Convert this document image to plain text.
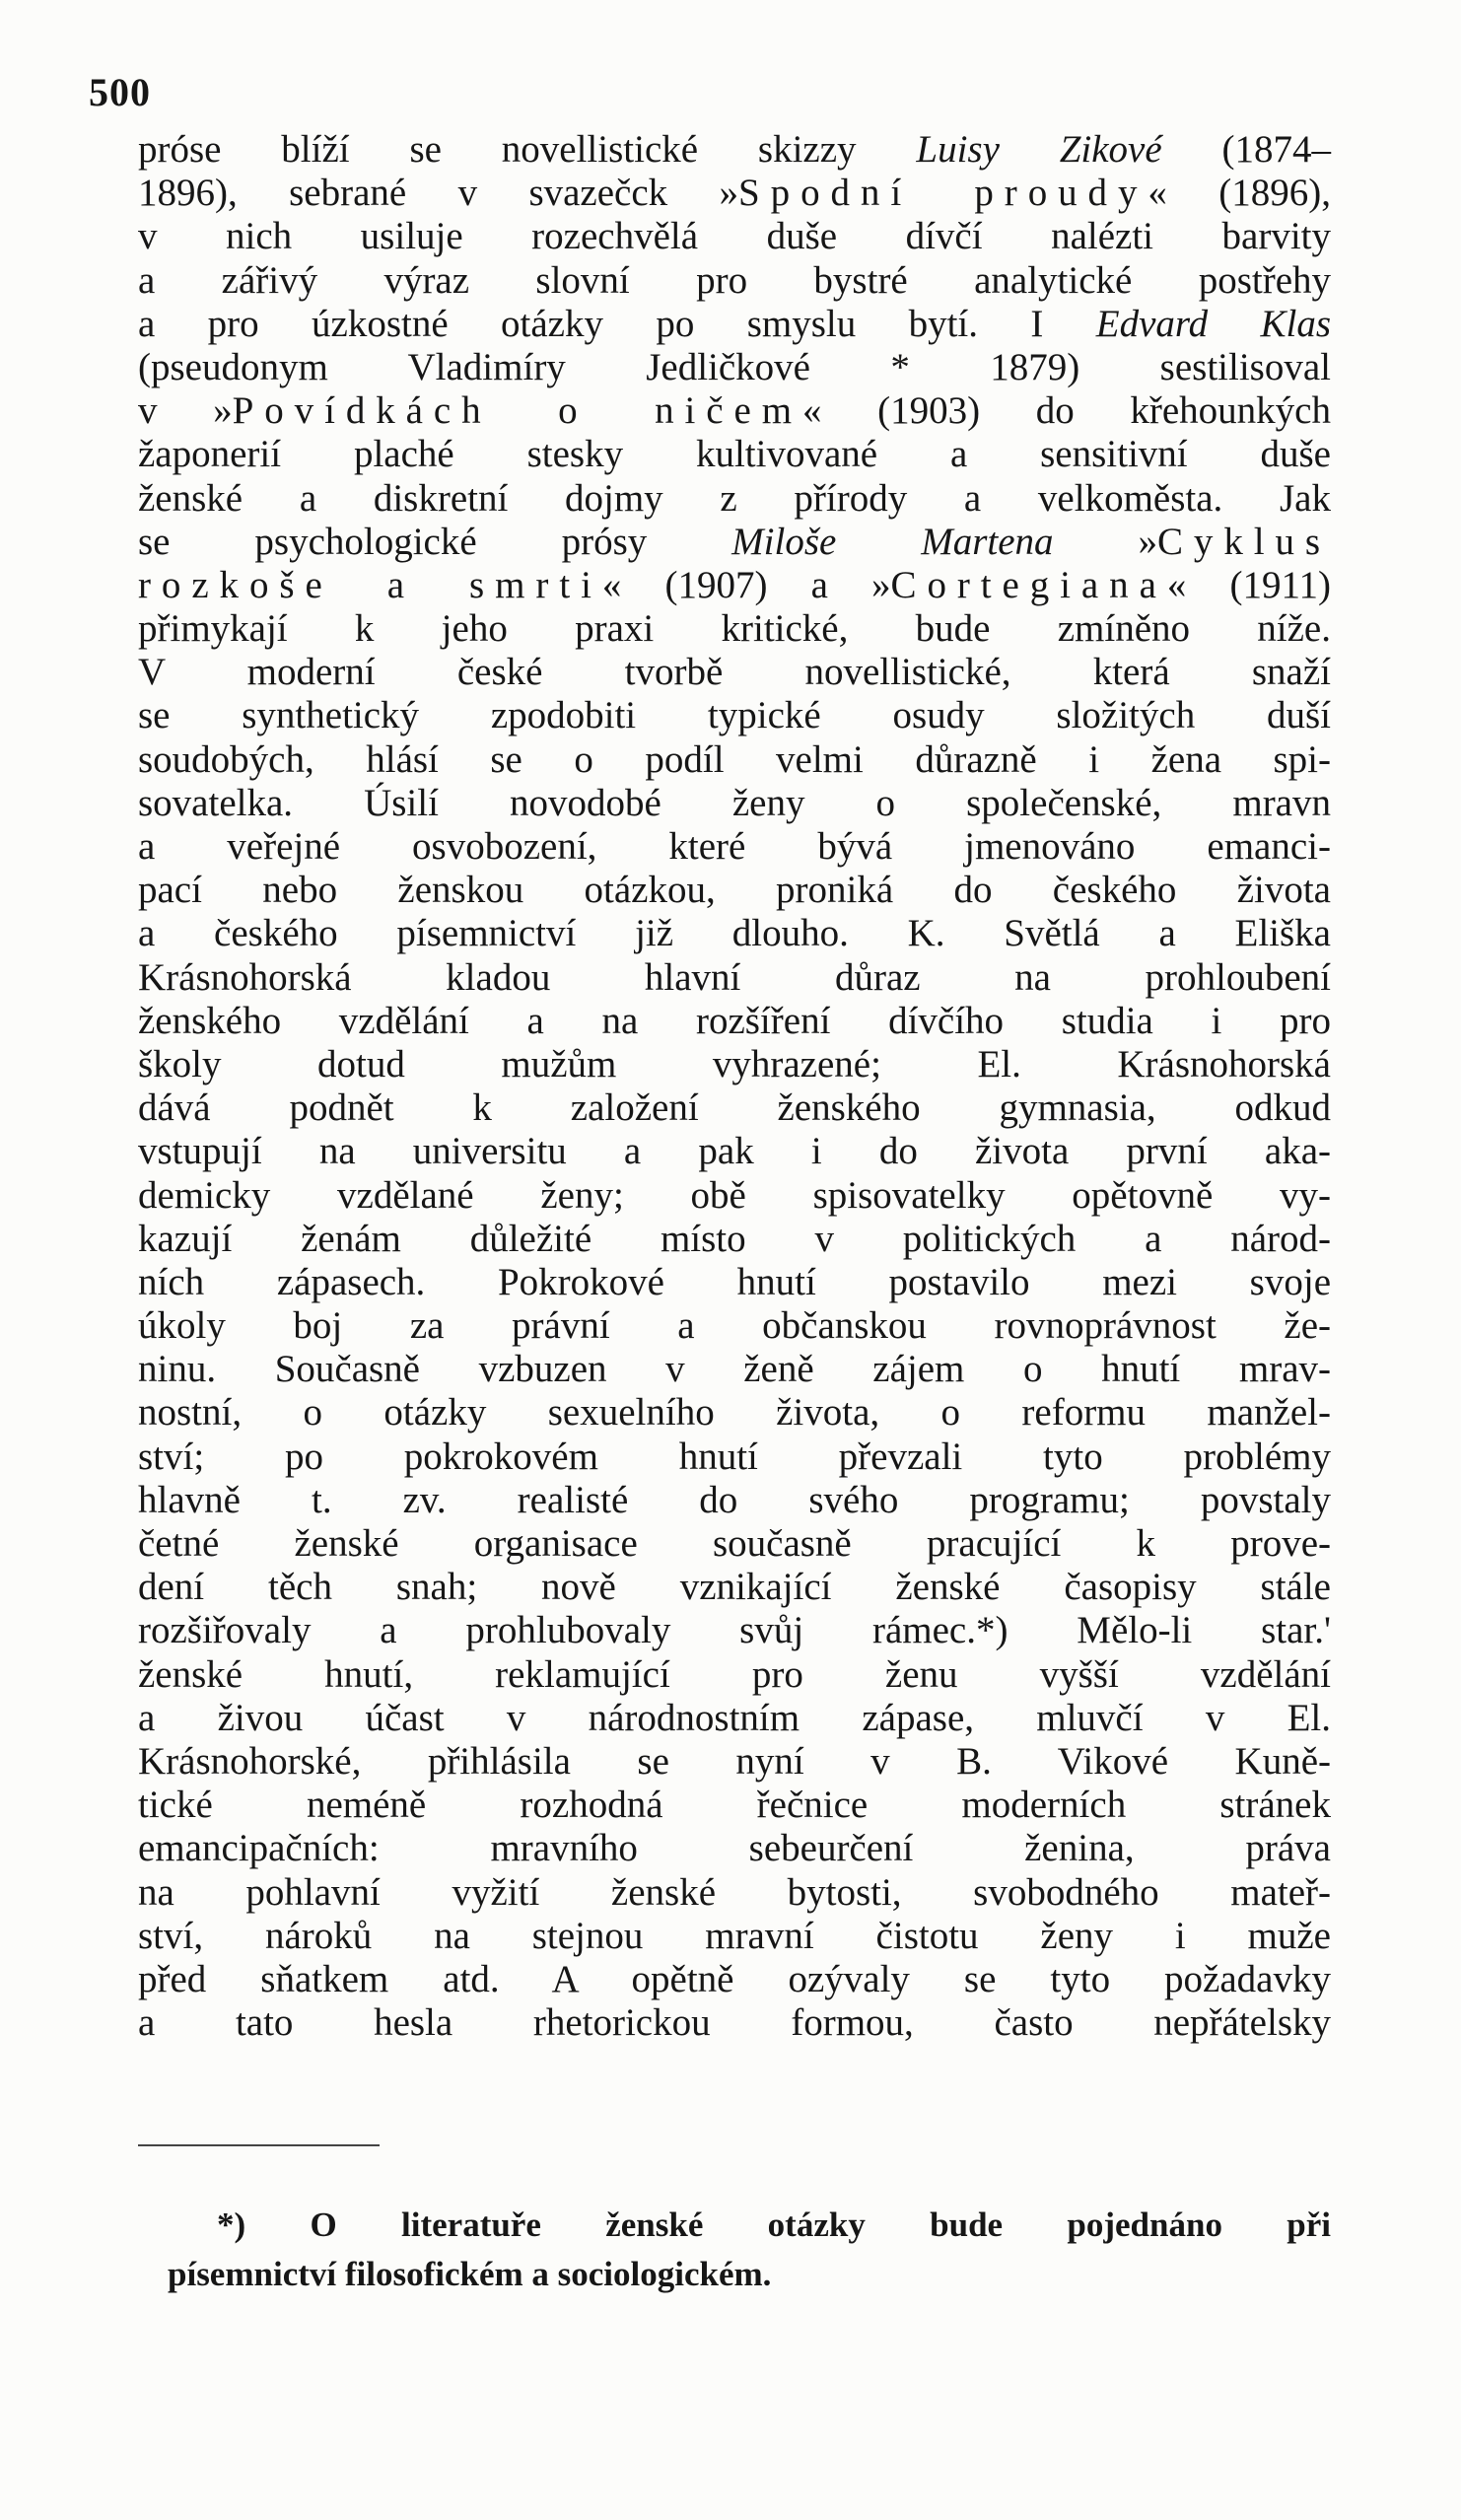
500
próse blíží se novellistické skizzy Luisy Zikové (1874–
1896), sebrané v svazečck »Spodní proudy« (1896),
v nich usiluje rozechvělá duše dívčí nalézti barvity
a zářivý výraz slovní pro bystré analytické postřehy
a pro úzkostné otázky po smyslu bytí. I Edvard Klas
(pseudonym Vladimíry Jedličkové * 1879) sestilisoval
v »Povídkách o ničem« (1903) do křehounkých
žaponerií plaché stesky kultivované a sensitivní duše
ženské a diskretní dojmy z přírody a velkoměsta. Jak
se psychologické prósy Miloše Martena »Cyklus
rozkoše a smrti« (1907) a »Cortegiana« (1911)
přimykají k jeho praxi kritické, bude zmíněno níže.
V moderní české tvorbě novellistické, která snaží
se synthetický zpodobiti typické osudy složitých duší
soudobých, hlásí se o podíl velmi důrazně i žena spi-
sovatelka. Úsilí novodobé ženy o společenské, mravn
a veřejné osvobození, které bývá jmenováno emanci-
pací nebo ženskou otázkou, proniká do českého života
a českého písemnictví již dlouho. K. Světlá a Eliška
Krásnohorská kladou hlavní důraz na prohloubení
ženského vzdělání a na rozšíření dívčího studia i pro
školy dotud mužům vyhrazené; El. Krásnohorská
dává podnět k založení ženského gymnasia, odkud
vstupují na universitu a pak i do života první aka-
demicky vzdělané ženy; obě spisovatelky opětovně vy-
kazují ženám důležité místo v politických a národ-
ních zápasech. Pokrokové hnutí postavilo mezi svoje
úkoly boj za právní a občanskou rovnoprávnost že-
ninu. Současně vzbuzen v ženě zájem o hnutí mrav-
nostní, o otázky sexuelního života, o reformu manžel-
ství; po pokrokovém hnutí převzali tyto problémy
hlavně t. zv. realisté do svého programu; povstaly
četné ženské organisace současně pracující k prove-
dení těch snah; nově vznikající ženské časopisy stále
rozšiřovaly a prohlubovaly svůj rámec.*) Mělo-li star.'
ženské hnutí, reklamující pro ženu vyšší vzdělání
a živou účast v národnostním zápase, mluvčí v El.
Krásnohorské, přihlásila se nyní v B. Vikové Kuně-
tické neméně rozhodná řečnice moderních stránek
emancipačních: mravního sebeurčení ženina, práva
na pohlavní vyžití ženské bytosti, svobodného mateř-
ství, nároků na stejnou mravní čistotu ženy i muže
před sňatkem atd. A opětně ozývaly se tyto požadavky
a tato hesla rhetorickou formou, často nepřátelsky
*) O literatuře ženské otázky bude pojednáno při
písemnictví filosofickém a sociologickém.
